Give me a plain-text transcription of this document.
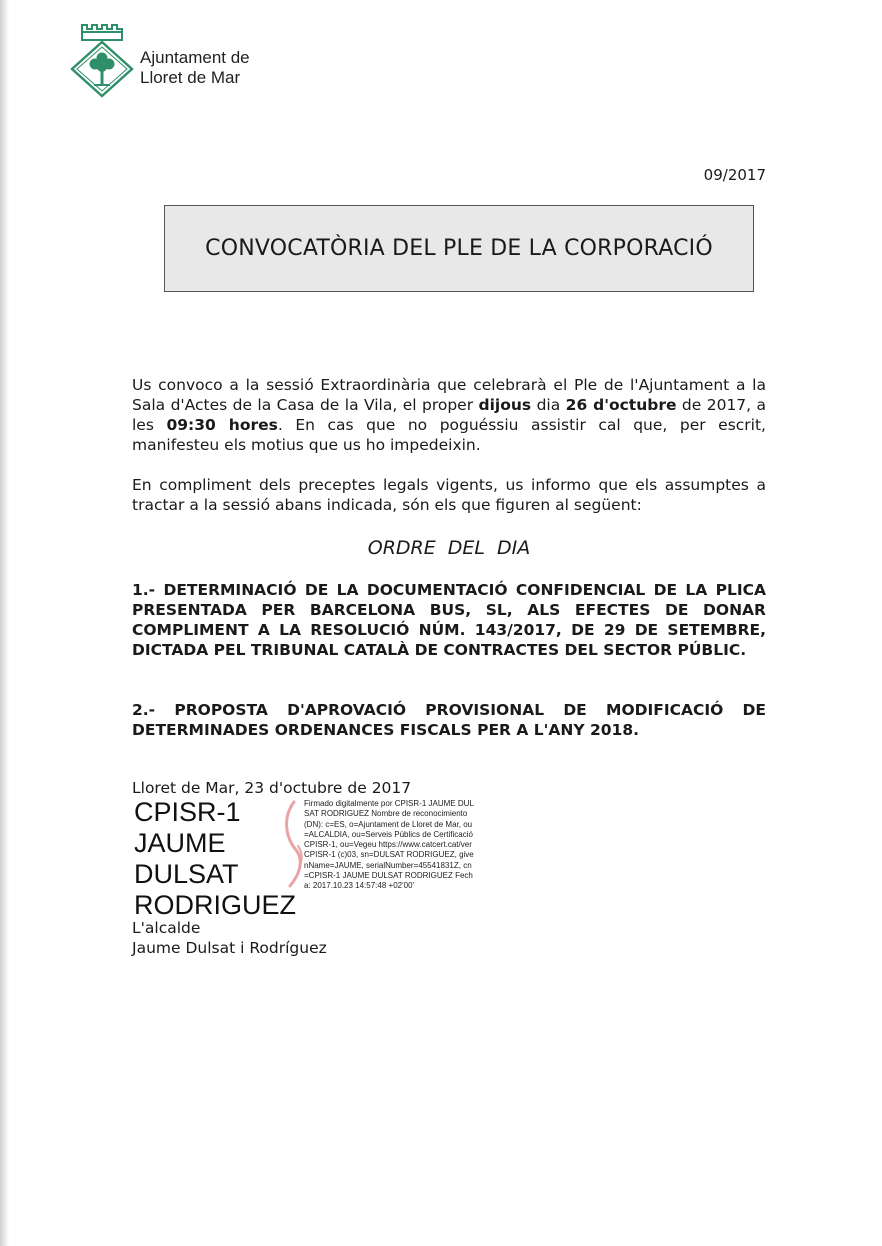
Ajuntament de
Lloret de Mar
09/2017
CONVOCATÒRIA DEL PLE DE LA CORPORACIÓ

Us convoco a la sessió Extraordinària que celebrarà el Ple de l'Ajuntament a la Sala d'Actes de la Casa de la Vila, el proper dijous dia 26 d'octubre de 2017, a les 09:30 hores. En cas que no poguéssiu assistir cal que, per escrit, manifesteu els motius que us ho impedeixin.

En compliment dels preceptes legals vigents, us informo que els assumptes a tractar a la sessió abans indicada, són els que figuren al següent:

ORDRE DEL DIA

1.- DETERMINACIÓ DE LA DOCUMENTACIÓ CONFIDENCIAL DE LA PLICA PRESENTADA PER BARCELONA BUS, SL, ALS EFECTES DE DONAR COMPLIMENT A LA RESOLUCIÓ NÚM. 143/2017, DE 29 DE SETEMBRE, DICTADA PEL TRIBUNAL CATALÀ DE CONTRACTES DEL SECTOR PÚBLIC.

2.- PROPOSTA D'APROVACIÓ PROVISIONAL DE MODIFICACIÓ DE DETERMINADES ORDENANCES FISCALS PER A L'ANY 2018.

Lloret de Mar, 23 d'octubre de 2017
CPISR-1
JAUME
DULSAT
RODRIGUEZ
Firmado digitalmente por CPISR-1 JAUME DULSAT RODRIGUEZ Nombre de reconocimiento (DN): c=ES, o=Ajuntament de Lloret de Mar, ou=ALCALDIA, ou=Serveis Públics de Certificació CPISR-1, ou=Vegeu https://www.catcert.cat/verCPISR-1 (c)03, sn=DULSAT RODRIGUEZ, givenName=JAUME, serialNumber=45541831Z, cn=CPISR-1 JAUME DULSAT RODRIGUEZ Fecha: 2017.10.23 14:57:48 +02'00'
L'alcalde
Jaume Dulsat i Rodríguez
